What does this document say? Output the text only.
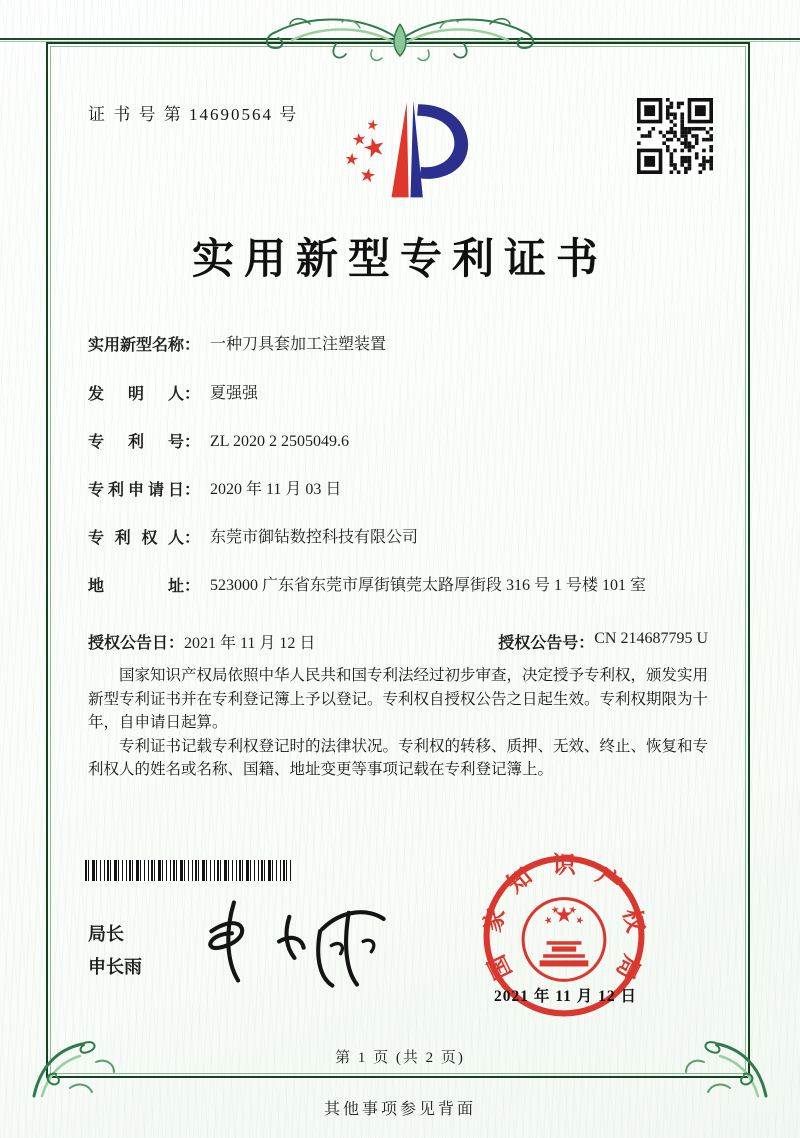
证 书 号 第 14690564 号
实用新型专利证书
实用新型名称 ： 一种刀具套加工注塑装置
发明人 ： 夏强强
专利号 ： ZL 2020 2 2505049.6
专利申请日 ： 2020 年 11 月 03 日
专利权人 ： 东莞市御钻数控科技有限公司
地址 ： 523000 广东省东莞市厚街镇莞太路厚街段 316 号 1 号楼 101 室
授权公告日： 2021 年 11 月 12 日	授权公告号： CN 214687795 U

国家知识产权局依照中华人民共和国专利法经过初步审查，决定授予专利权，颁发实用新型专利证书并在专利登记簿上予以登记。专利权自授权公告之日起生效。专利权期限为十年，自申请日起算。

专利证书记载专利权登记时的法律状况。专利权的转移、质押、无效、终止、恢复和专利权人的姓名或名称、国籍、地址变更等事项记载在专利登记簿上。

局长
申长雨	国
家
知 识 产
权
局
2021 年 11 月 12 日
第 1 页 (共 2 页)
其他事项参见背面
